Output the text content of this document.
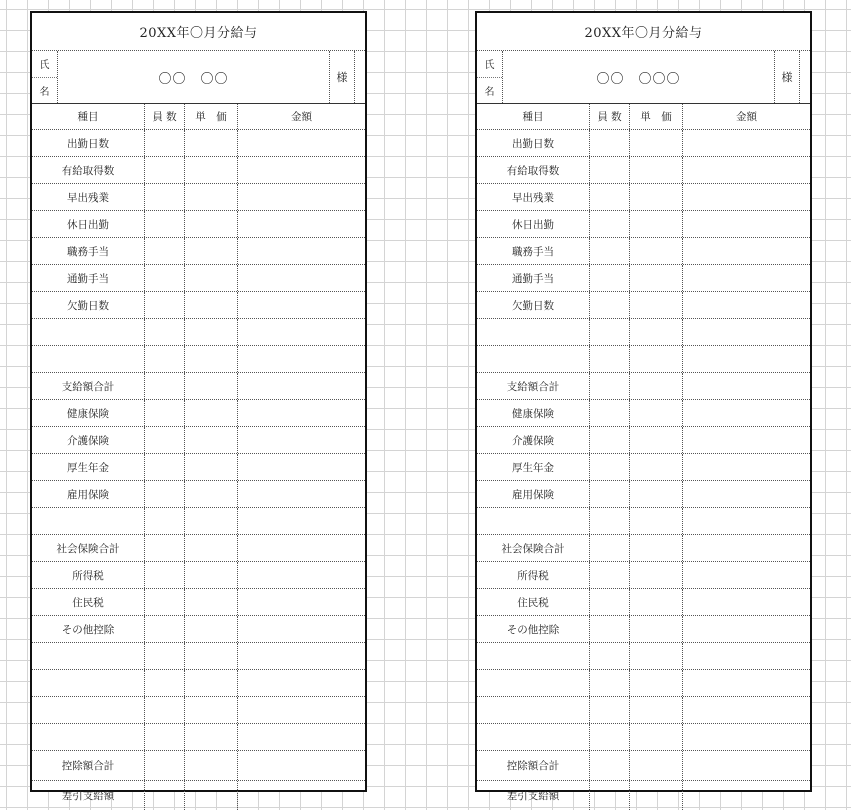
20XX年〇月分給与
氏
名
〇〇　〇〇	様
種目	員 数	単　価	金額
出勤日数
有給取得数
早出残業
休日出勤
職務手当
通勤手当
欠勤日数
支給額合計
健康保険
介護保険
厚生年金
雇用保険
社会保険合計
所得税
住民税
その他控除
控除額合計
差引支給額
20XX年〇月分給与
氏
名
〇〇　〇〇〇	様
種目	員 数	単　価	金額
出勤日数
有給取得数
早出残業
休日出勤
職務手当
通勤手当
欠勤日数
支給額合計
健康保険
介護保険
厚生年金
雇用保険
社会保険合計
所得税
住民税
その他控除
控除額合計
差引支給額
